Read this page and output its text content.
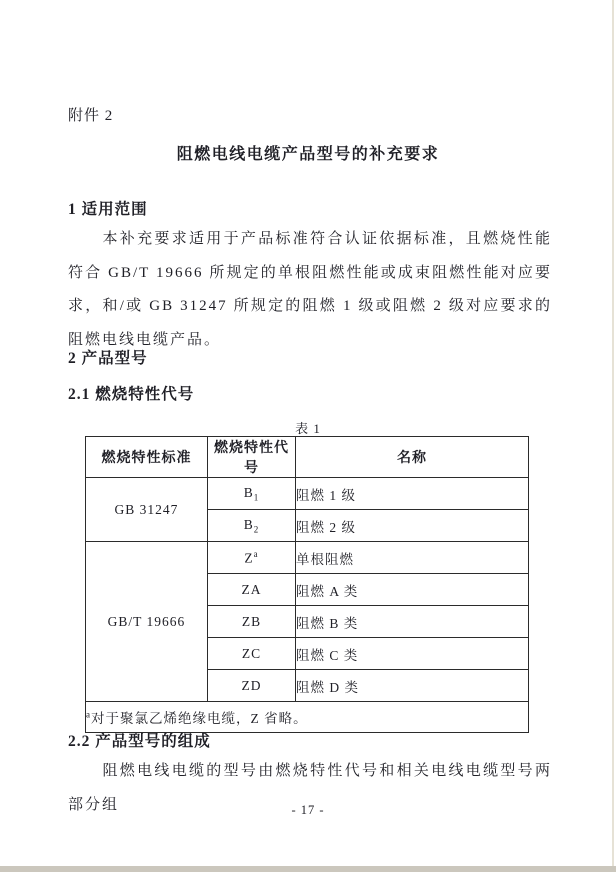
附件 2
阻燃电线电缆产品型号的补充要求
1 适用范围
本补充要求适用于产品标准符合认证依据标准，且燃烧性能符合 GB/T 19666 所规定的单根阻燃性能或成束阻燃性能对应要求，和/或 GB 31247 所规定的阻燃 1 级或阻燃 2 级对应要求的阻燃电线电缆产品。
2 产品型号
2.1 燃烧特性代号
表 1
燃烧特性标准	燃烧特性代号	名称
GB 31247	$B_1$	阻燃 1 级
	$B_2$	阻燃 2 级
GB/T 19666	$Z^a$	单根阻燃
	ZA	阻燃 A 类
	ZB	阻燃 B 类
	ZC	阻燃 C 类
	ZD	阻燃 D 类
$^a$对于聚氯乙烯绝缘电缆，Z 省略。		
2.2 产品型号的组成
阻燃电线电缆的型号由燃烧特性代号和相关电线电缆型号两部分组	- 17 -
